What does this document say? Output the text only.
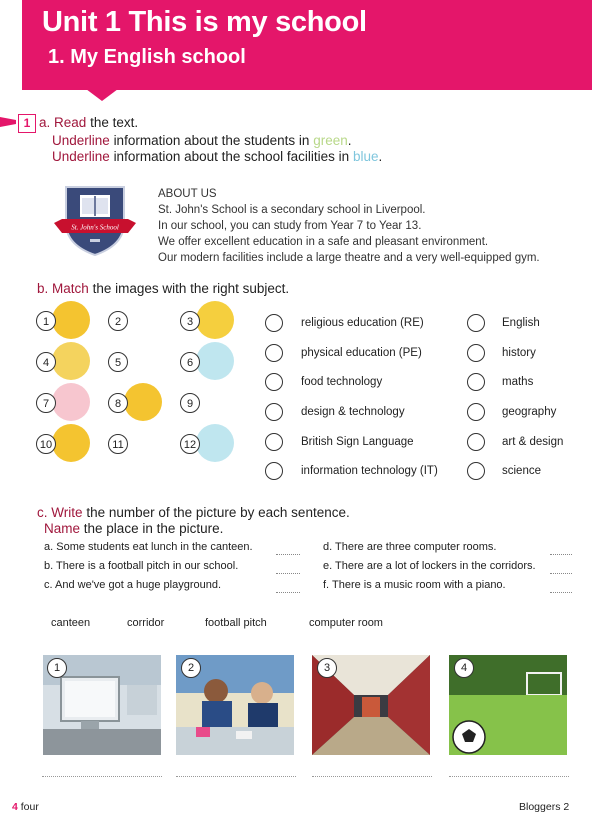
Unit 1 This is my school
1. My English school
1 a. Read the text.
Underline information about the students in green.
Underline information about the school facilities in blue.
St. John's School
ABOUT US
St. John's School is a secondary school in Liverpool.
In our school, you can study from Year 7 to Year 13.
We offer excellent education in a safe and pleasant environment.
Our modern facilities include a large theatre and a very well-equipped gym.
b. Match the images with the right subject.
1	2	3
4	5	6
7	8	9
10	11	12
religious education (RE)
physical education (PE)
food technology
design & technology
British Sign Language
information technology (IT)
English
history
maths
geography
art & design
science
c. Write the number of the picture by each sentence.
Name the place in the picture.
a. Some students eat lunch in the canteen.
b. There is a football pitch in our school.
c. And we've got a huge playground.
d. There are three computer rooms.
e. There are a lot of lockers in the corridors.
f. There is a music room with a piano.
canteen	corridor	football pitch	computer room
1	2	3	4
4 four	Bloggers 2
